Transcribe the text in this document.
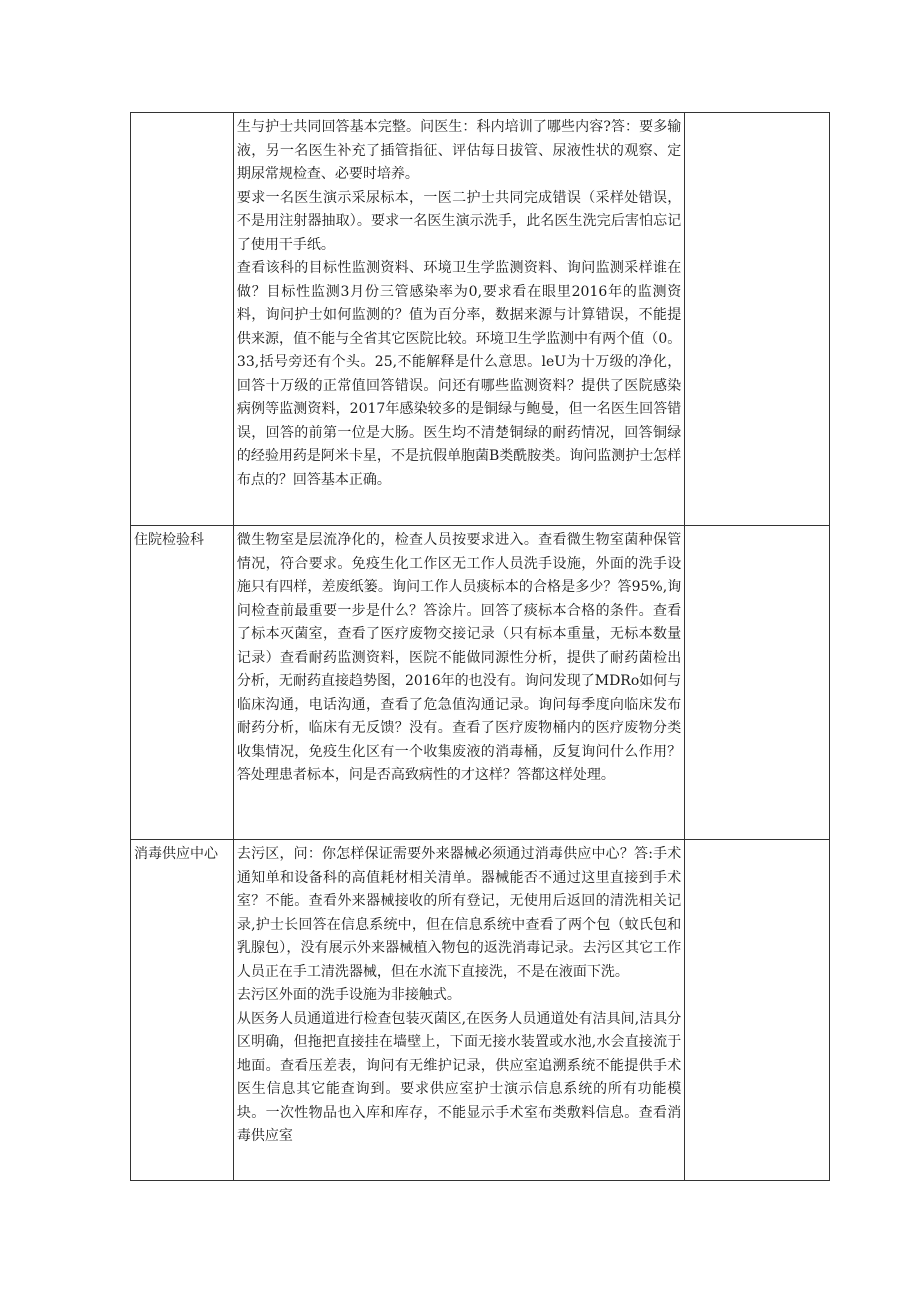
	生与护士共同回答基本完整。问医生：科内培训了哪些内容?答：要多输液，另一名医生补充了插管指征、评估每日拔管、尿液性状的观察、定期尿常规检查、必要时培养。
要求一名医生演示采尿标本，一医二护士共同完成错误（采样处错误，不是用注射器抽取）。要求一名医生演示洗手，此名医生洗完后害怕忘记了使用干手纸。
查看该科的目标性监测资料、环境卫生学监测资料、询问监测采样谁在做？目标性监测3月份三管感染率为0,要求看在眼里2016年的监测资料，询问护士如何监测的？值为百分率，数据来源与计算错误，不能提供来源，值不能与全省其它医院比较。环境卫生学监测中有两个值（0。33,括号旁还有个头。25,不能解释是什么意思。leU为十万级的净化，回答十万级的正常值回答错误。问还有哪些监测资料？提供了医院感染病例等监测资料，2017年感染较多的是铜绿与鲍曼，但一名医生回答错误，回答的前第一位是大肠。医生均不清楚铜绿的耐药情况，回答铜绿的经验用药是阿米卡星，不是抗假单胞菌B类酰胺类。询问监测护士怎样布点的？回答基本正确。	

住院检验科	微生物室是层流净化的，检查人员按要求进入。查看微生物室菌种保管情况，符合要求。免疫生化工作区无工作人员洗手设施，外面的洗手设施只有四样，差废纸篓。询问工作人员痰标本的合格是多少？答95%,询问检查前最重要一步是什么？答涂片。回答了痰标本合格的条件。查看了标本灭菌室，查看了医疗废物交接记录（只有标本重量，无标本数量记录）查看耐药监测资料，医院不能做同源性分析，提供了耐药菌检出分析，无耐药直接趋势图，2016年的也没有。询问发现了MDRo如何与临床沟通，电话沟通，查看了危急值沟通记录。询问每季度向临床发布耐药分析，临床有无反馈？没有。查看了医疗废物桶内的医疗废物分类收集情况，免疫生化区有一个收集废液的消毒桶，反复询问什么作用？答处理患者标本，问是否高致病性的才这样？答都这样处理。	

消毒供应中心	去污区，问：你怎样保证需要外来器械必须通过消毒供应中心？答:手术通知单和设备科的高值耗材相关清单。器械能否不通过这里直接到手术室？不能。查看外来器械接收的所有登记，无使用后返回的清洗相关记录,护士长回答在信息系统中，但在信息系统中查看了两个包（蚊氏包和乳腺包），没有展示外来器械植入物包的返洗消毒记录。去污区其它工作人员正在手工清洗器械，但在水流下直接洗，不是在液面下洗。
去污区外面的洗手设施为非接触式。
从医务人员通道进行检查包装灭菌区,在医务人员通道处有洁具间,洁具分区明确，但拖把直接挂在墙壁上，下面无接水装置或水池,水会直接流于地面。查看压差表，询问有无维护记录，供应室追溯系统不能提供手术医生信息其它能查询到。要求供应室护士演示信息系统的所有功能模块。一次性物品也入库和库存，不能显示手术室布类敷料信息。查看消毒供应室	
